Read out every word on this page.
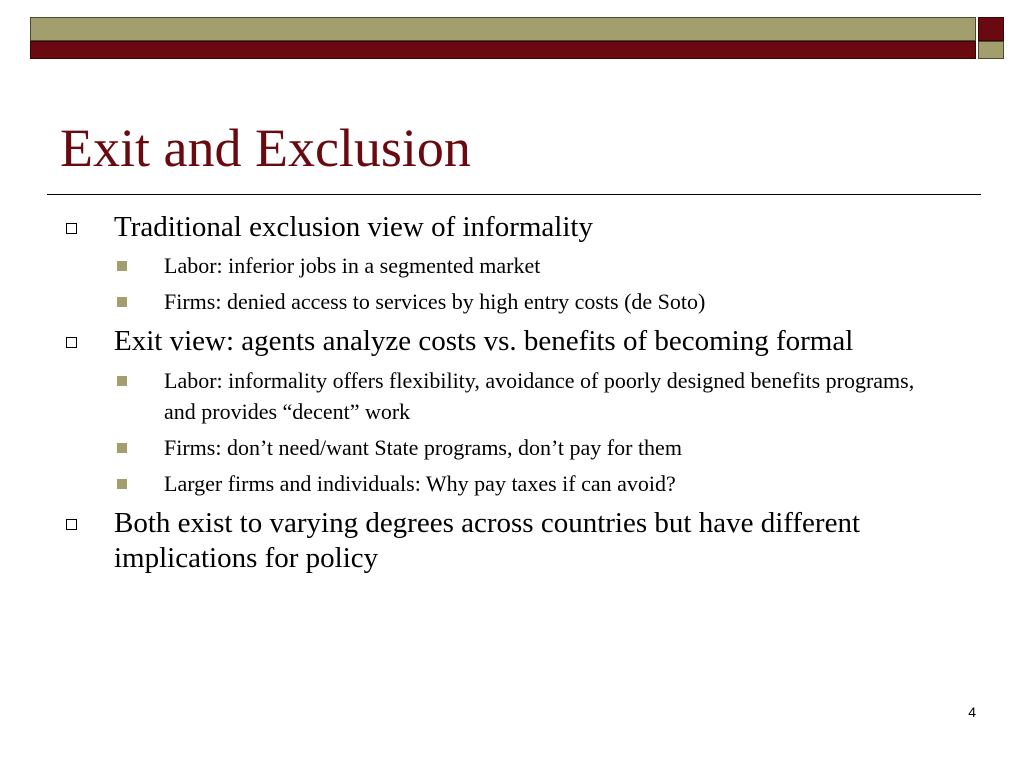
Exit and Exclusion

Traditional exclusion view of informality

Labor: inferior jobs in a segmented market

Firms: denied access to services by high entry costs (de Soto)

Exit view: agents analyze costs vs. benefits of becoming formal

Labor: informality offers flexibility, avoidance of poorly designed benefits programs, and provides “decent” work

Firms: don’t need/want State programs, don’t pay for them

Larger firms and individuals: Why pay taxes if can avoid?

Both exist to varying degrees across countries but have different implications for policy

4
